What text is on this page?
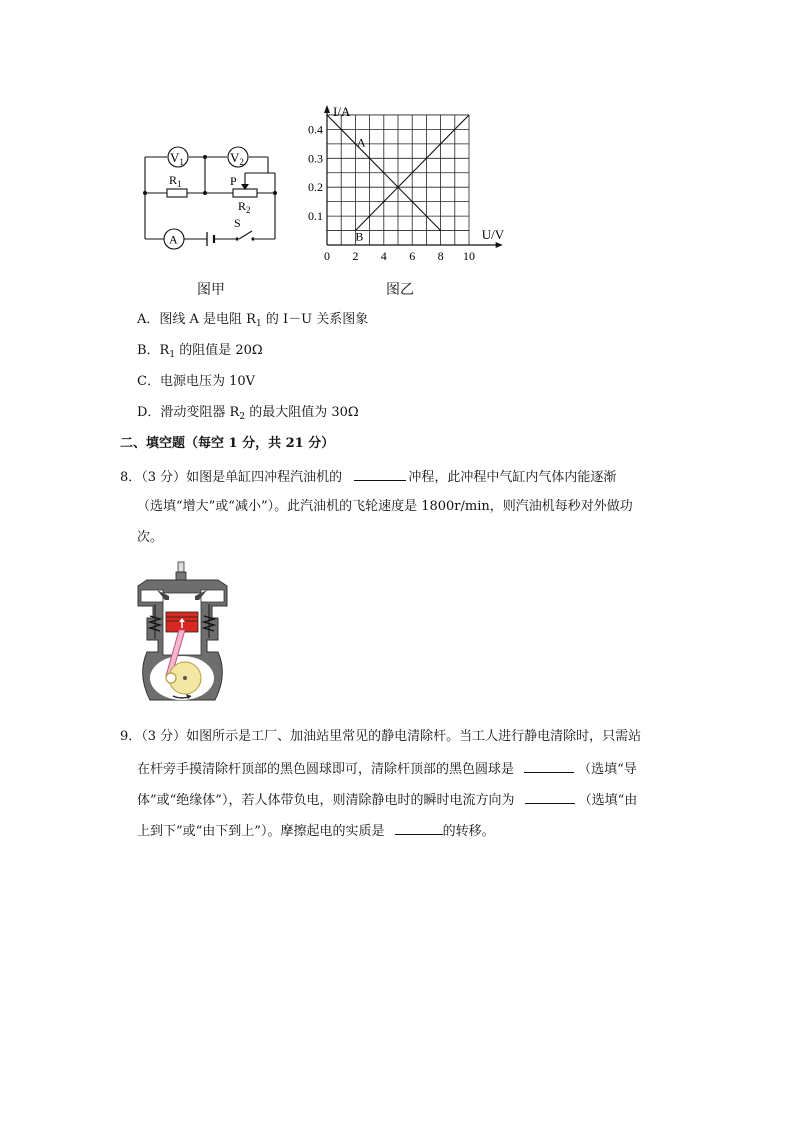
$V_1$	$V_2$
$R_1$	P
$R_2$
S
A
图甲
I/A
U/V
0.4
0.3
0.2
0.1
0 2 4 6 8 10
A
B
图乙
A．图线 A 是电阻 $R_1$ 的 I－U 关系图象
B．$R_1$ 的阻值是 20Ω
C．电源电压为 10V
D．滑动变阻器 $R_2$ 的最大阻值为 30Ω
二、填空题（每空 1 分，共 21 分）
8．（3 分）如图是单缸四冲程汽油机的	冲程，此冲程中气缸内气体内能逐渐
（选填“增大”或“减小”）。此汽油机的飞轮速度是 1800r/min，则汽油机每秒对外做功
次。
9．（3 分）如图所示是工厂、加油站里常见的静电清除杆。当工人进行静电清除时，只需站
在杆旁手摸清除杆顶部的黑色圆球即可，清除杆顶部的黑色圆球是	（选填“导
体”或“绝缘体”），若人体带负电，则清除静电时的瞬时电流方向为	（选填“由
上到下”或“由下到上”）。摩擦起电的实质是	的转移。
